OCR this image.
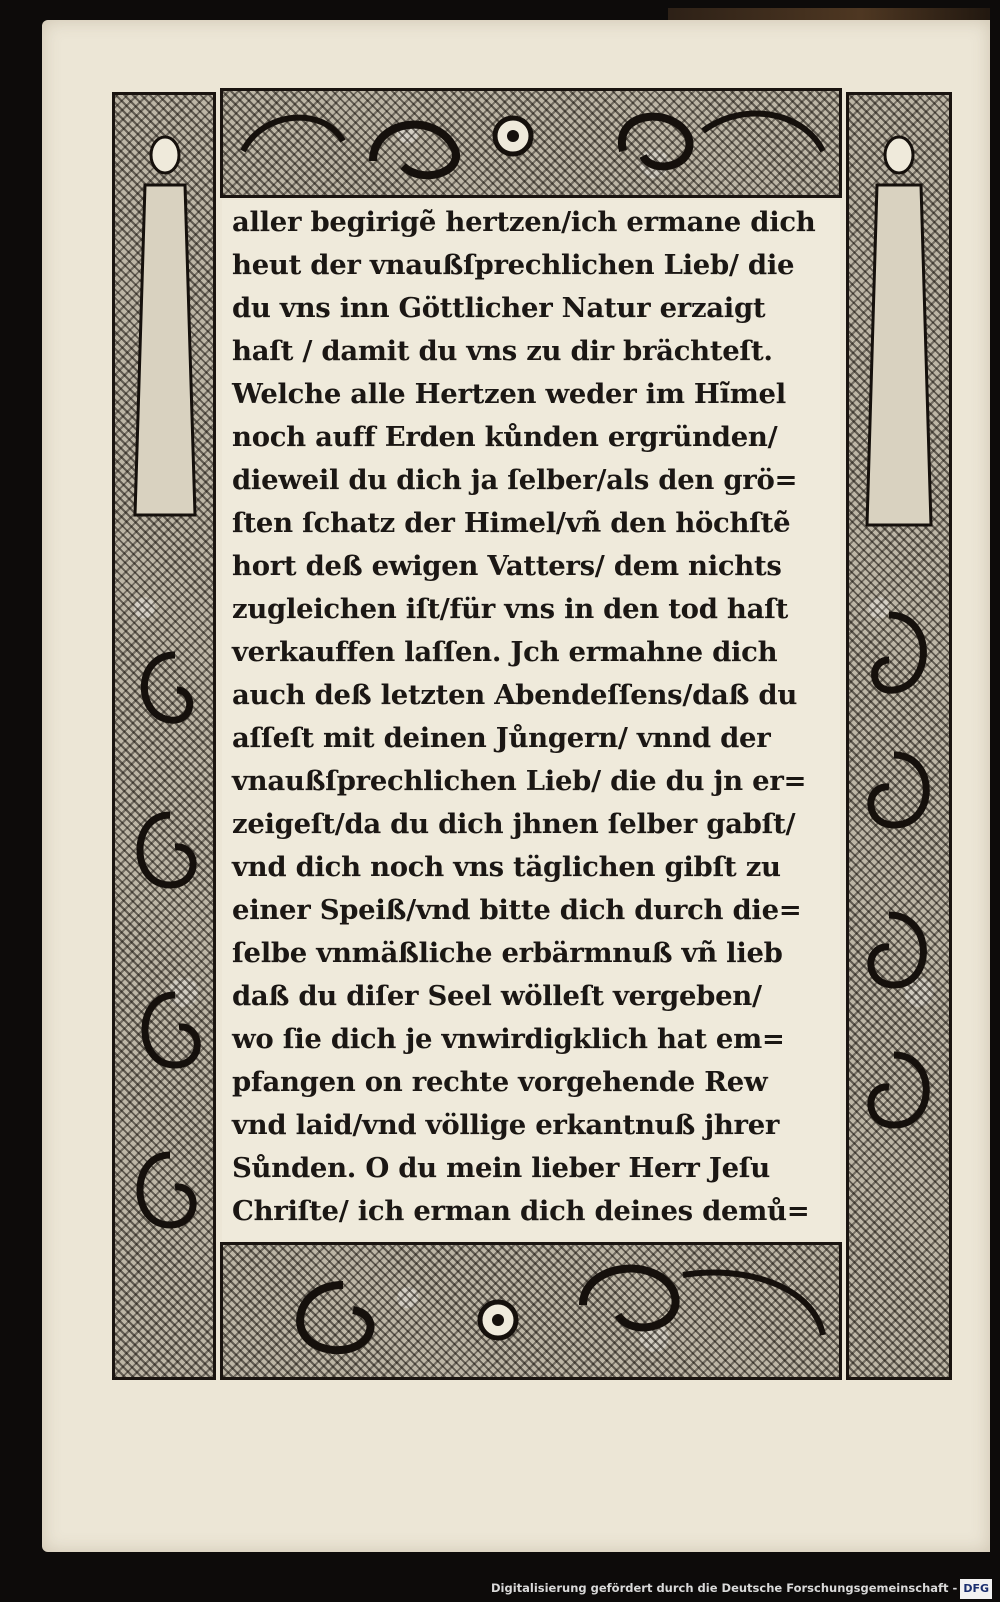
aller begirigẽ hertzen/ich ermane dich
heut der vnaußſprechlichen Lieb/ die
du vns inn Göttlicher Natur erzaigt
haſt / damit du vns zu dir brächteſt.
Welche alle Hertzen weder im Hĩmel
noch auff Erden kůnden ergründen/
dieweil du dich ja ſelber/als den grö=
ſten ſchatz der Himel/vñ den höchſtẽ
hort deß ewigen Vatters/ dem nichts
zugleichen iſt/für vns in den tod haſt
verkauffen laſſen. Jch ermahne dich
auch deß letzten Abendeſſens/daß du
aſſeſt mit deinen Jůngern/ vnnd der
vnaußſprechlichen Lieb/ die du jn er=
zeigeſt/da du dich jhnen ſelber gabſt/
vnd dich noch vns täglichen gibſt zu
einer Speiß/vnd bitte dich durch die=
ſelbe vnmäßliche erbärmnuß vñ lieb
daß du diſer Seel wölleſt vergeben/
wo ſie dich je vnwirdigklich hat em=
pfangen on rechte vorgehende Rew
vnd laid/vnd völlige erkantnuß jhrer
Sůnden. O du mein lieber Herr Jeſu
Chriſte/ ich erman dich deines demů=
Digitalisierung gefördert durch die Deutsche Forschungsgemeinschaft - DFG
